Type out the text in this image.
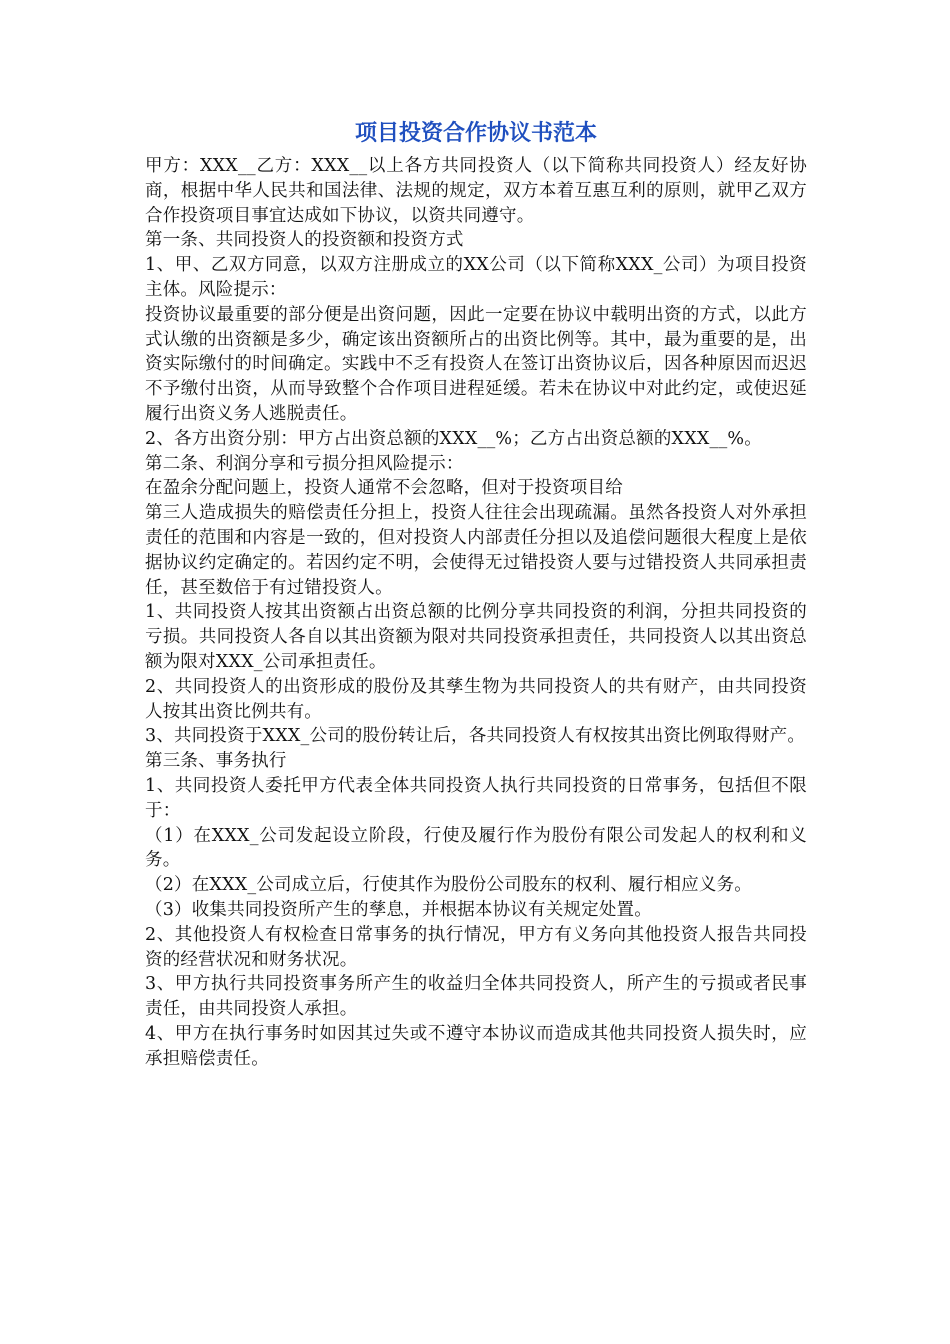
项目投资合作协议书范本

甲方：XXX__乙方：XXX__以上各方共同投资人（以下简称共同投资人）经友好协商，根据中华人民共和国法律、法规的规定，双方本着互惠互利的原则，就甲乙双方合作投资项目事宜达成如下协议，以资共同遵守。

第一条、共同投资人的投资额和投资方式

1、甲、乙双方同意，以双方注册成立的XX公司（以下简称XXX_公司）为项目投资主体。风险提示：

投资协议最重要的部分便是出资问题，因此一定要在协议中载明出资的方式，以此方式认缴的出资额是多少，确定该出资额所占的出资比例等。其中，最为重要的是，出资实际缴付的时间确定。实践中不乏有投资人在签订出资协议后，因各种原因而迟迟不予缴付出资，从而导致整个合作项目进程延缓。若未在协议中对此约定，或使迟延履行出资义务人逃脱责任。

2、各方出资分别：甲方占出资总额的XXX__%；乙方占出资总额的XXX__%。

第二条、利润分享和亏损分担风险提示：

在盈余分配问题上，投资人通常不会忽略，但对于投资项目给

第三人造成损失的赔偿责任分担上，投资人往往会出现疏漏。虽然各投资人对外承担责任的范围和内容是一致的，但对投资人内部责任分担以及追偿问题很大程度上是依据协议约定确定的。若因约定不明，会使得无过错投资人要与过错投资人共同承担责任，甚至数倍于有过错投资人。

1、共同投资人按其出资额占出资总额的比例分享共同投资的利润，分担共同投资的亏损。共同投资人各自以其出资额为限对共同投资承担责任，共同投资人以其出资总额为限对XXX_公司承担责任。

2、共同投资人的出资形成的股份及其孳生物为共同投资人的共有财产，由共同投资人按其出资比例共有。

3、共同投资于XXX_公司的股份转让后，各共同投资人有权按其出资比例取得财产。

第三条、事务执行

1、共同投资人委托甲方代表全体共同投资人执行共同投资的日常事务，包括但不限于：

（1）在XXX_公司发起设立阶段，行使及履行作为股份有限公司发起人的权利和义务。

（2）在XXX_公司成立后，行使其作为股份公司股东的权利、履行相应义务。

（3）收集共同投资所产生的孳息，并根据本协议有关规定处置。

2、其他投资人有权检查日常事务的执行情况，甲方有义务向其他投资人报告共同投资的经营状况和财务状况。

3、甲方执行共同投资事务所产生的收益归全体共同投资人，所产生的亏损或者民事责任，由共同投资人承担。

4、甲方在执行事务时如因其过失或不遵守本协议而造成其他共同投资人损失时，应承担赔偿责任。
